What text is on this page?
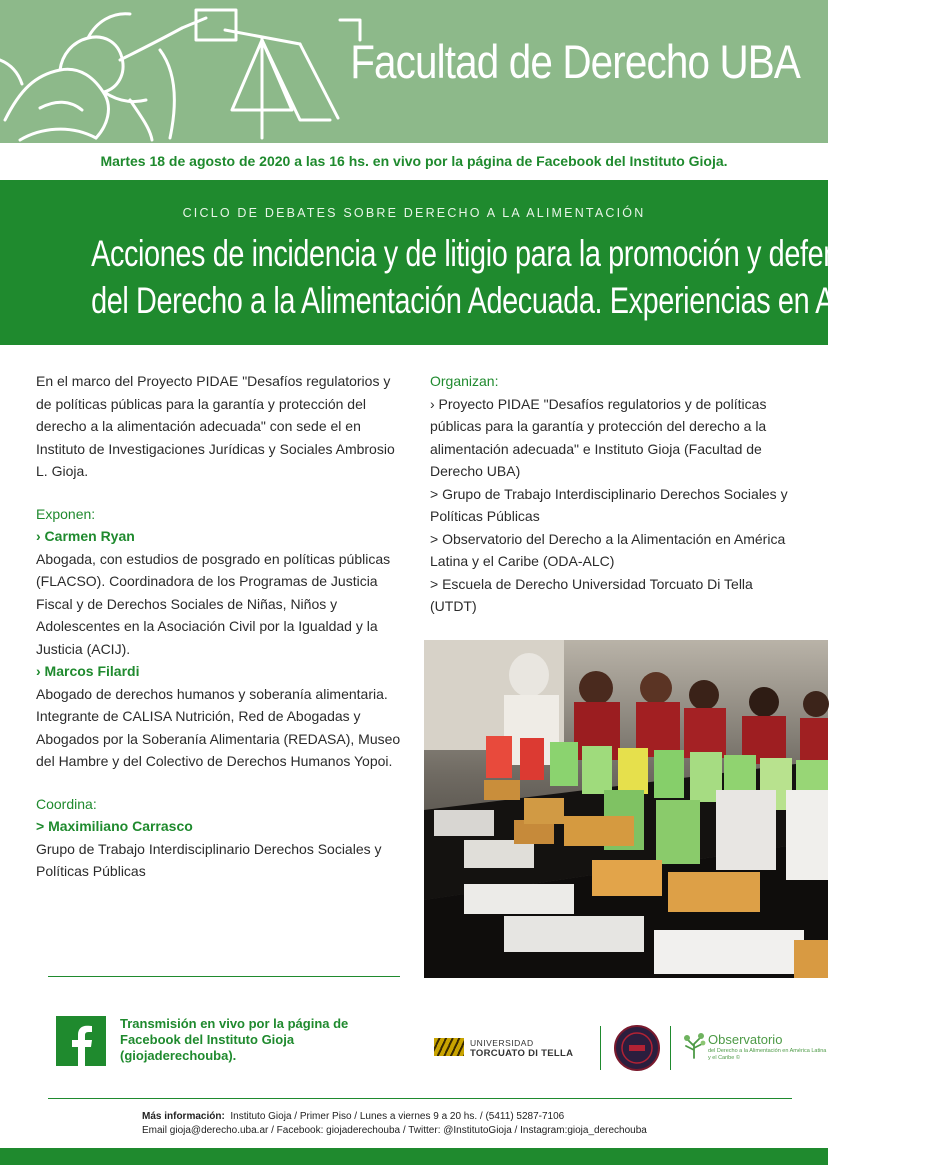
Facultad de Derecho UBA
Martes 18 de agosto de 2020 a las 16 hs. en vivo por la página de Facebook del Instituto Gioja.
CICLO DE DEBATES SOBRE DERECHO A LA ALIMENTACIÓN
Acciones de incidencia y de litigio para la promoción y defensa
del Derecho a la Alimentación Adecuada. Experiencias en Argentina

En el marco del Proyecto PIDAE "Desafíos regulatorios y de políticas públicas para la garantía y protección del derecho a la alimentación adecuada" con sede el en Instituto de Investigaciones Jurídicas y Sociales Ambrosio L. Gioja.

Exponen:

› Carmen Ryan

Abogada, con estudios de posgrado en políticas públicas (FLACSO). Coordinadora de los Programas de Justicia Fiscal y de Derechos Sociales de Niñas, Niños y Adolescentes en la Asociación Civil por la Igualdad y la Justicia (ACIJ).

› Marcos Filardi

Abogado de derechos humanos y soberanía alimentaria. Integrante de CALISA Nutrición, Red de Abogadas y Abogados por la Soberanía Alimentaria (REDASA), Museo del Hambre y del Colectivo de Derechos Humanos Yopoi.

Coordina:

> Maximiliano Carrasco

Grupo de Trabajo Interdisciplinario Derechos Sociales y Políticas Públicas

Organizan:

› Proyecto PIDAE "Desafíos regulatorios y de políticas públicas para la garantía y protección del derecho a la alimentación adecuada" e Instituto Gioja (Facultad de Derecho UBA)

> Grupo de Trabajo Interdisciplinario Derechos Sociales y Políticas Públicas

> Observatorio del Derecho a la Alimentación en América Latina y el Caribe (ODA-ALC)

> Escuela de Derecho Universidad Torcuato Di Tella (UTDT)

Transmisión en vivo por la página de Facebook del Instituto Gioja (giojaderechouba).
UNIVERSIDAD
TORCUATO DI TELLA
Observatorio
del Derecho a la Alimentación en América Latina y el Caribe ©
Más información: Instituto Gioja / Primer Piso / Lunes a viernes 9 a 20 hs. / (5411) 5287-7106
Email gioja@derecho.uba.ar / Facebook: giojaderechouba / Twitter: @InstitutoGioja / Instagram:gioja_derechouba
